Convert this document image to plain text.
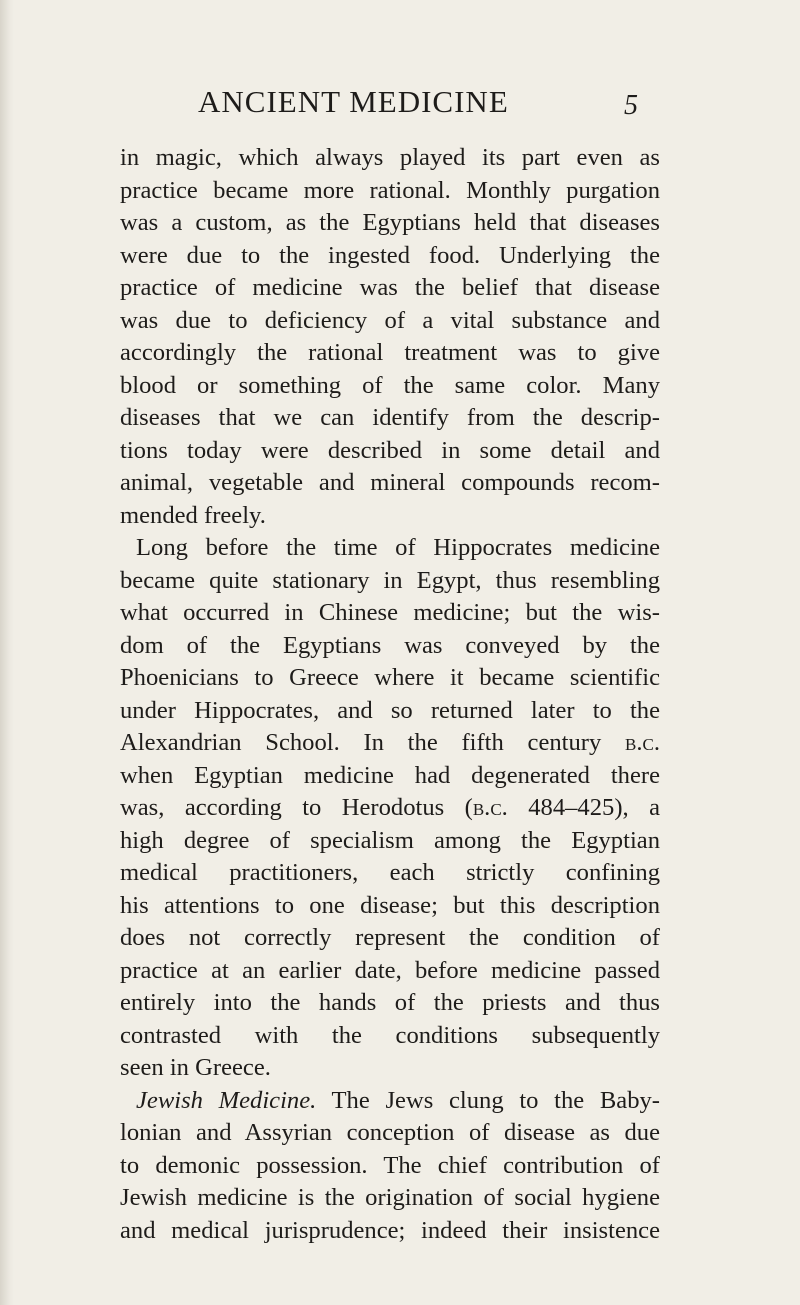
ANCIENT MEDICINE	5
in magic, which always played its part even as
practice became more rational. Monthly purgation
was a custom, as the Egyptians held that diseases
were due to the ingested food. Underlying the
practice of medicine was the belief that disease
was due to deficiency of a vital substance and
accordingly the rational treatment was to give
blood or something of the same color. Many
diseases that we can identify from the descrip-
tions today were described in some detail and
animal, vegetable and mineral compounds recom-
mended freely.
Long before the time of Hippocrates medicine
became quite stationary in Egypt, thus resembling
what occurred in Chinese medicine; but the wis-
dom of the Egyptians was conveyed by the
Phoenicians to Greece where it became scientific
under Hippocrates, and so returned later to the
Alexandrian School. In the fifth century b.c.
when Egyptian medicine had degenerated there
was, according to Herodotus (b.c. 484–425), a
high degree of specialism among the Egyptian
medical practitioners, each strictly confining
his attentions to one disease; but this description
does not correctly represent the condition of
practice at an earlier date, before medicine passed
entirely into the hands of the priests and thus
contrasted with the conditions subsequently
seen in Greece.
Jewish Medicine. The Jews clung to the Baby-
lonian and Assyrian conception of disease as due
to demonic possession. The chief contribution of
Jewish medicine is the origination of social hygiene
and medical jurisprudence; indeed their insistence
